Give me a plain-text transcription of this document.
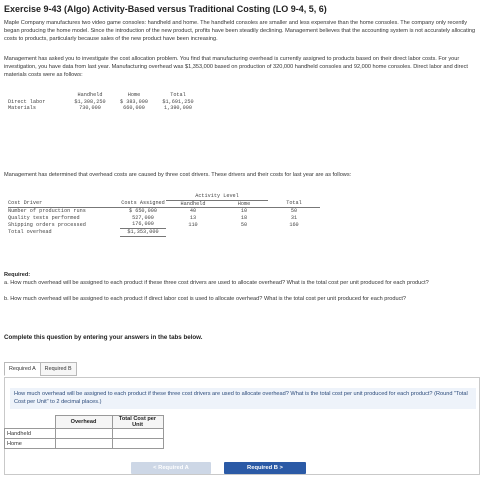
Exercise 9-43 (Algo) Activity-Based versus Traditional Costing (LO 9-4, 5, 6)
Maple Company manufactures two video game consoles: handheld and home. The handheld consoles are smaller and less expensive than the home consoles. The company only recently began producing the home model. Since the introduction of the new product, profits have been steadily declining. Management believes that the accounting system is not accurately allocating costs to products, particularly because sales of the new product have been increasing.
Management has asked you to investigate the cost allocation problem. You find that manufacturing overhead is currently assigned to products based on their direct labor costs. For your investigation, you have data from last year. Manufacturing overhead was $1,353,000 based on production of 320,000 handheld consoles and 92,000 home consoles. Direct labor and direct materials costs were as follows:
	Handheld	Home	Total
Direct labor	$1,308,250	$ 383,000	$1,691,250
Materials	730,000	660,000	1,390,000
Management has determined that overhead costs are caused by three cost drivers. These drivers and their costs for last year are as follows:
		Activity Level		
Cost Driver	Costs Assigned	Handheld	Home	Total
Number of production runs	$ 650,000	40	10	50
Quality tests performed	527,000	13	18	31
Shipping orders processed	176,000	110	50	160
Total overhead	$1,353,000			
Required:
a. How much overhead will be assigned to each product if these three cost drivers are used to allocate overhead? What is the total cost per unit produced for each product?
b. How much overhead will be assigned to each product if direct labor cost is used to allocate overhead? What is the total cost per unit produced for each product?
Complete this question by entering your answers in the tabs below.
Required A Required B
How much overhead will be assigned to each product if these three cost drivers are used to allocate overhead? What is the total cost per unit produced for each product? (Round "Total Cost per Unit" to 2 decimal places.)
	Overhead	Total Cost per Unit
Handheld		
Home		
< Required A	Required B >
